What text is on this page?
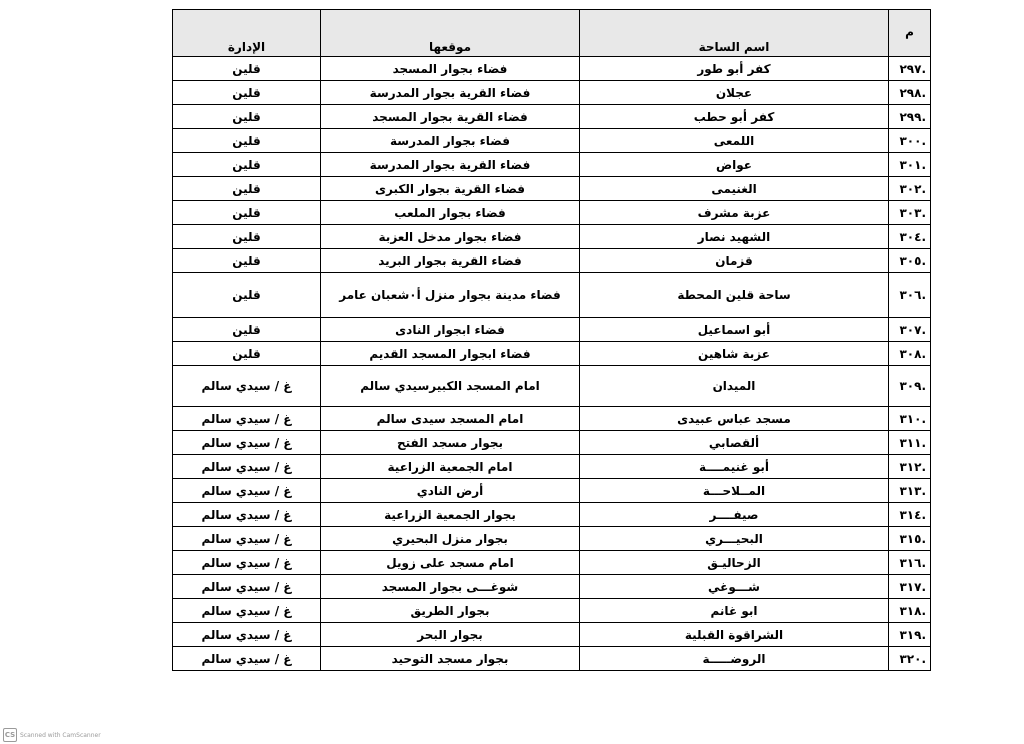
م	اسم الساحة	موقعها	الإدارة
٢٩٧.	كفر أبو طور	فضاء بجوار المسجد	قلين
٢٩٨.	عجلان	فضاء القرية بجوار المدرسة	قلين
٢٩٩.	كفر أبو حطب	فضاء القرية بجوار المسجد	قلين
٣٠٠.	اللمعى	فضاء بجوار المدرسة	قلين
٣٠١.	عواض	فضاء القرية بجوار المدرسة	قلين
٣٠٢.	الغنيمى	فضاء القرية بجوار الكبرى	قلين
٣٠٣.	عزبة مشرف	فضاء بجوار الملعب	قلين
٣٠٤.	الشهيد نصار	فضاء بجوار مدخل العزبة	قلين
٣٠٥.	قزمان	فضاء القرية بجوار البريد	قلين
٣٠٦.	ساحة قلين المحطة	فضاء مدينة بجوار منزل أ٠شعبان عامر	قلين
٣٠٧.	أبو اسماعيل	فضاء ابجوار النادى	قلين
٣٠٨.	عزبة شاهين	فضاء ابجوار المسجد القديم	قلين
٣٠٩.	الميدان	امام المسجد الكبيرسيدي سالم	غ / سيدي سالم
٣١٠.	مسجد عباس عبيدى	امام المسجد سيدى سالم	غ / سيدي سالم
٣١١.	ألقصابي	بجوار مسجد الفتح	غ / سيدي سالم
٣١٢.	أبو غنيمــــة	امام الجمعية الزراعية	غ / سيدي سالم
٣١٣.	المــلاحـــة	أرض النادي	غ / سيدي سالم
٣١٤.	صيفــــر	بجوار الجمعية الزراعية	غ / سيدي سالم
٣١٥.	البحيـــري	بجوار منزل البحيري	غ / سيدي سالم
٣١٦.	الزحاليـق	امام مسجد على زويل	غ / سيدي سالم
٣١٧.	شـــوغي	شوغـــى بجوار المسجد	غ / سيدي سالم
٣١٨.	ابو غانم	بجوار الطريق	غ / سيدي سالم
٣١٩.	الشراقوة القبلية	بجوار البحر	غ / سيدي سالم
٣٢٠.	الروضـــــة	بجوار مسجد التوحيد	غ / سيدي سالم
CS Scanned with CamScanner
